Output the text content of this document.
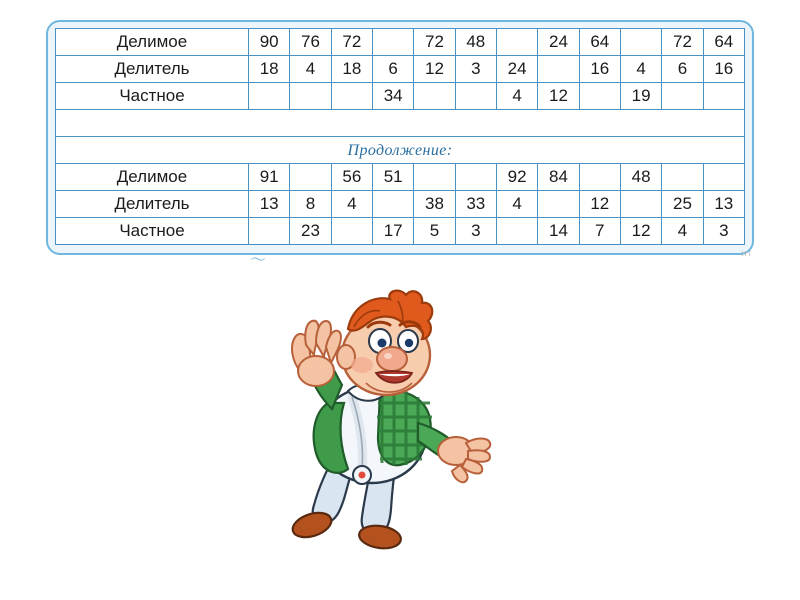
Делимое	90	76	72		72	48		24	64		72	64
Делитель	18	4	18	6	12	3	24		16	4	6	16
Частное				34			4	12		19		

Продолжение:												
Делимое	91		56	51			92	84		48		
Делитель	13	8	4		38	33	4		12		25	13
Частное		23		17	5	3		14	7	12	4	3
〜	ırı
